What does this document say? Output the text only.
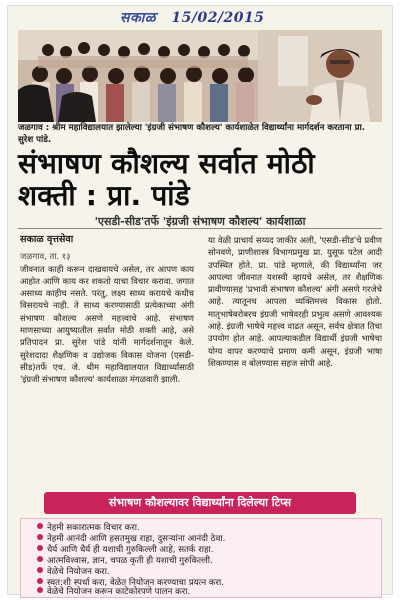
सकाळ 15/02/2015
जळगाव : श्रीम महाविद्यालयात झालेल्या 'इंग्रजी संभाषण कौशल्य' कार्यशाळेत विद्यार्थ्यांना मार्गदर्शन करताना प्रा. सुरेश पांडे.
संभाषण कौशल्य सर्वात मोठी शक्ती : प्रा. पांडे
'एसडी-सीड'तर्फे 'इंग्रजी संभाषण कौशल्य' कार्यशाळा

सकाळ वृत्तसेवा

जळगाव, ता. १३

जीवनात काही करून दाखवायचे असेल, तर आपण काय आहोत आणि काय कर शकतो याचा विचार करावा. जगात असाध्य काहीच नसते. परंतु, लक्ष्य साध्य करायचे कधीच विसरायचे नाही. ते साध्य करण्यासाठी प्रत्येकाच्या अंगी संभाषण कौशल्य असणे महत्त्वाचे आहे. संभाषण माणसाच्या आयुष्यातील सर्वात मोठी शक्ती आहे, असे प्रतिपादन प्रा. सुरेश पांडे यांनी मार्गदर्शनातून केले. सुरेशदादा शैक्षणिक व उद्योजक विकास योजना (एसडी-सीड)तर्फे एच. जे. थीम महाविद्यालयात विद्यार्थ्यांसाठी 'इंग्रजी संभाषण कौशल्य' कार्यशाळा मंगळवारी झाली.

या वेळी प्राचार्य सय्यद जाकीर अली, 'एसडी-सीड'चे प्रवीण सोनवणे, प्राणीशास्त्र विभागप्रमुख प्रा. युसूफ पटेल आदी उपस्थित होते. प्रा. पांडे म्हणाले, की विद्यार्थ्यांना जर आपल्या जीवनात यशस्वी व्हायचे असेल, तर शैक्षणिक प्रावीण्यासह 'प्रभावी संभाषण कौशल्य' अंगी असणे गरजेचे आहे. त्यातूनच आपला व्यक्तिमत्त्व विकास होतो. मातृभाषेबरोबरच इंग्रजी भाषेवरही प्रभुत्व असणे आवश्यक आहे. इंग्रजी भाषेचे महत्त्व वाढत असून, सर्वच क्षेत्रात तिचा उपयोग होत आहे. आपल्याकडील विद्यार्थी इंग्रजी भाषेचा योग्य वापर करण्याचे प्रमाण कमी असून, इंग्रजी भाषा शिकण्यास व बोलण्यास सहज सोपी आहे.

संभाषण कौशल्यावर विद्यार्थ्यांना दिलेल्या टिप्स
नेहमी सकारात्मक विचार करा.
नेहमी आनंदी आणि हसतमुख राहा, दुसऱ्यांना आनंदी ठेवा.
धैर्य आणि धैर्य ही यशाची गुरुकिल्ली आहे, सतर्क राहा.
आत्मविश्वास, ज्ञान, चपळ कृती ही यशाची गुरुकिल्ली.
वेळेचे नियोजन करा.
स्वत:शी स्पर्धा करा, वेळेत नियोजन करण्याचा प्रयत्न करा.
वेळेचे नियोजन करून काटेकोरपणे पालन करा.
